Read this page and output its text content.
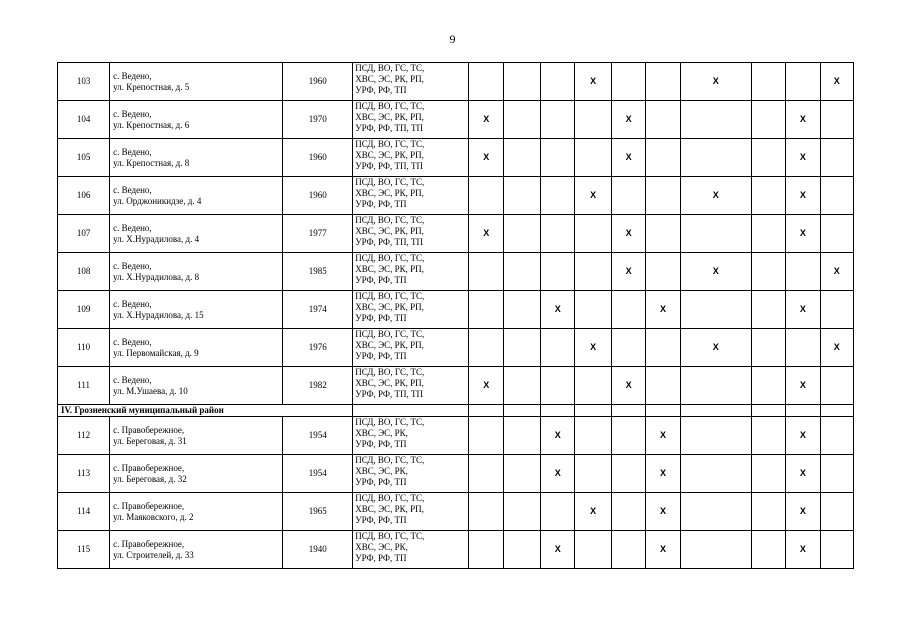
9
103	с. Ведено,
ул. Крепостная, д. 5	1960	ПСД, ВО, ГС, ТС,
ХВС, ЭС, РК, РП,
УРФ, РФ, ТП				X			X			X
104	с. Ведено,
ул. Крепостная, д. 6	1970	ПСД, ВО, ГС, ТС,
ХВС, ЭС, РК, РП,
УРФ, РФ, ТП, ТП	X				X				X	
105	с. Ведено,
ул. Крепостная, д. 8	1960	ПСД, ВО, ГС, ТС,
ХВС, ЭС, РК, РП,
УРФ, РФ, ТП, ТП	X				X				X	
106	с. Ведено,
ул. Орджоникидзе, д. 4	1960	ПСД, ВО, ГС, ТС,
ХВС, ЭС, РК, РП,
УРФ, РФ, ТП				X			X		X	
107	с. Ведено,
ул. Х.Нурадилова, д. 4	1977	ПСД, ВО, ГС, ТС,
ХВС, ЭС, РК, РП,
УРФ, РФ, ТП, ТП	X				X				X	
108	с. Ведено,
ул. Х.Нурадилова, д. 8	1985	ПСД, ВО, ГС, ТС,
ХВС, ЭС, РК, РП,
УРФ, РФ, ТП					X		X			X
109	с. Ведено,
ул. Х.Нурадилова, д. 15	1974	ПСД, ВО, ГС, ТС,
ХВС, ЭС, РК, РП,
УРФ, РФ, ТП			X			X			X	
110	с. Ведено,
ул. Первомайская, д. 9	1976	ПСД, ВО, ГС, ТС,
ХВС, ЭС, РК, РП,
УРФ, РФ, ТП				X			X			X
111	с. Ведено,
ул. М.Ушаева, д. 10	1982	ПСД, ВО, ГС, ТС,
ХВС, ЭС, РК, РП,
УРФ, РФ, ТП, ТП	X				X				X	
IV. Грозненский муниципальный район													
112	с. Правобережное,
ул. Береговая, д. 31	1954	ПСД, ВО, ГС, ТС,
ХВС, ЭС, РК,
УРФ, РФ, ТП			X			X			X	
113	с. Правобережное,
ул. Береговая, д. 32	1954	ПСД, ВО, ГС, ТС,
ХВС, ЭС, РК,
УРФ, РФ, ТП			X			X			X	
114	с. Правобережное,
ул. Маяковского, д. 2	1965	ПСД, ВО, ГС, ТС,
ХВС, ЭС, РК, РП,
УРФ, РФ, ТП				X		X			X	
115	с. Правобережное,
ул. Строителей, д. 33	1940	ПСД, ВО, ГС, ТС,
ХВС, ЭС, РК,
УРФ, РФ, ТП			X			X			X	
